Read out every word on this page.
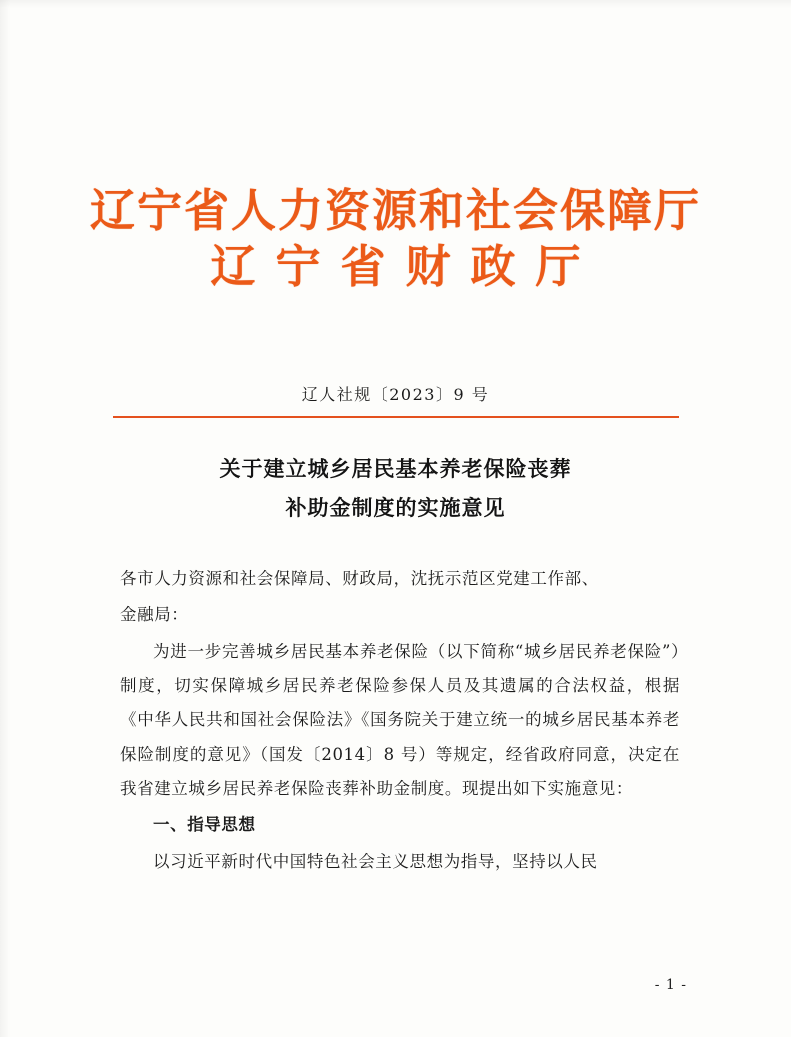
辽宁省人力资源和社会保障厅
辽宁省财政厅
辽人社规〔2023〕9 号
关于建立城乡居民基本养老保险丧葬
补助金制度的实施意见

各市人力资源和社会保障局、财政局，沈抚示范区党建工作部、

金融局：

为进一步完善城乡居民基本养老保险（以下简称“城乡居民养老保险”）制度，切实保障城乡居民养老保险参保人员及其遗属的合法权益，根据《中华人民共和国社会保险法》《国务院关于建立统一的城乡居民基本养老保险制度的意见》（国发〔2014〕8 号）等规定，经省政府同意，决定在我省建立城乡居民养老保险丧葬补助金制度。现提出如下实施意见：

一、指导思想

以习近平新时代中国特色社会主义思想为指导，坚持以人民

- 1 -
